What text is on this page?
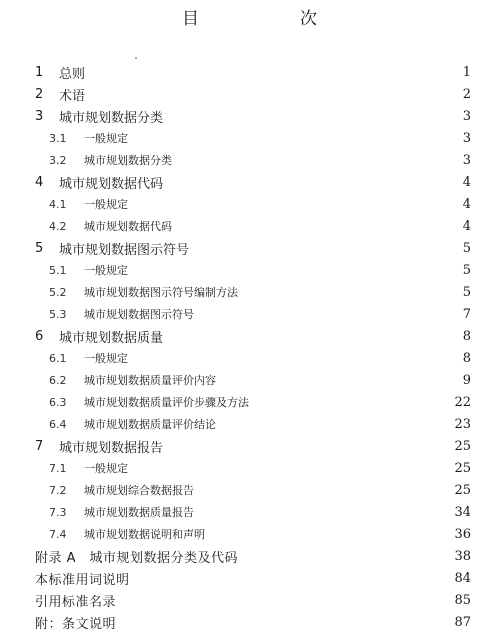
目　次
1	总则	1
2	术语	2
3	城市规划数据分类	3
3.1	一般规定	3
3.2	城市规划数据分类	3
4	城市规划数据代码	4
4.1	一般规定	4
4.2	城市规划数据代码	4
5	城市规划数据图示符号	5
5.1	一般规定	5
5.2	城市规划数据图示符号编制方法	5
5.3	城市规划数据图示符号	7
6	城市规划数据质量	8
6.1	一般规定	8
6.2	城市规划数据质量评价内容	9
6.3	城市规划数据质量评价步骤及方法	22
6.4	城市规划数据质量评价结论	23
7	城市规划数据报告	25
7.1	一般规定	25
7.2	城市规划综合数据报告	25
7.3	城市规划数据质量报告	34
7.4	城市规划数据说明和声明	36
附录 A　城市规划数据分类及代码	38
本标准用词说明	84
引用标准名录	85
附：条文说明	87
